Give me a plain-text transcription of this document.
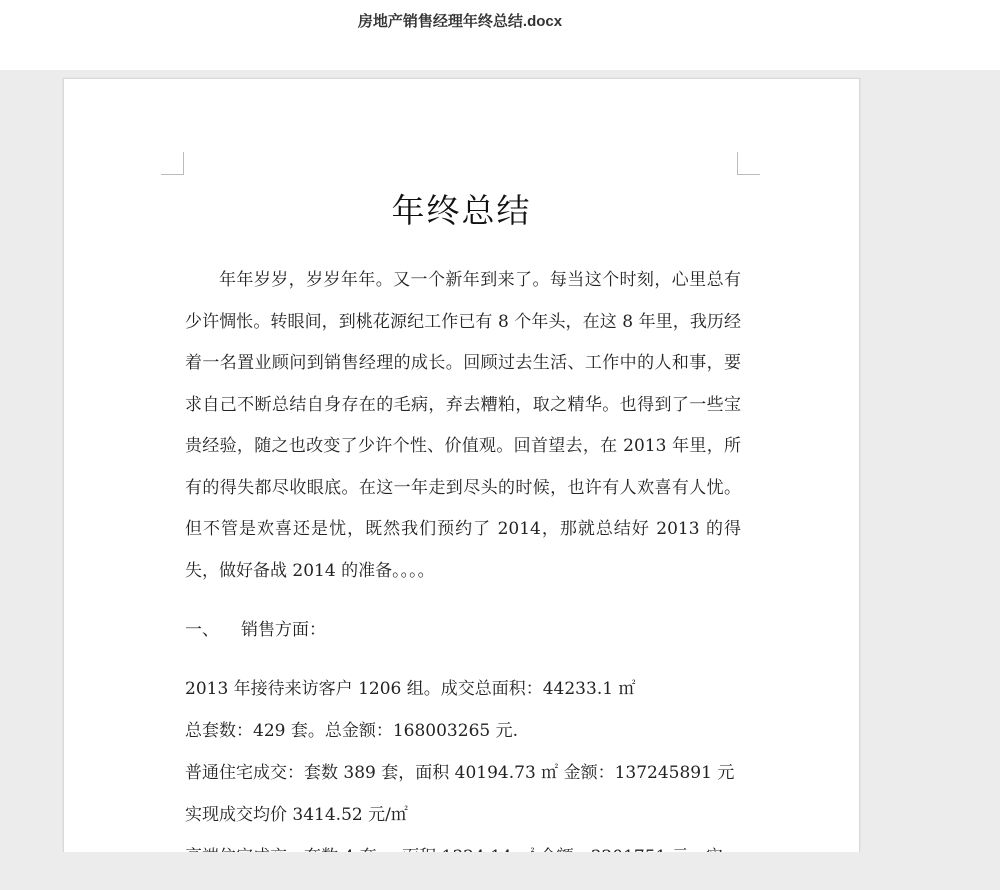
房地产销售经理年终总结.docx
年终总结

年年岁岁，岁岁年年。又一个新年到来了。每当这个时刻，心里总有少许惆怅。转眼间，到桃花源纪工作已有 8 个年头，在这 8 年里，我历经着一名置业顾问到销售经理的成长。回顾过去生活、工作中的人和事，要求自己不断总结自身存在的毛病，弃去糟粕，取之精华。也得到了一些宝贵经验，随之也改变了少许个性、价值观。回首望去，在 2013 年里，所有的得失都尽收眼底。在这一年走到尽头的时候，也许有人欢喜有人忧。但不管是欢喜还是忧，既然我们预约了 2014，那就总结好 2013 的得失，做好备战 2014 的准备。。。。

一、 销售方面：
2013 年接待来访客户 1206 组。成交总面积：44233.1 ㎡
总套数：429 套。总金额：168003265 元.
普通住宅成交：套数 389 套，面积 40194.73 ㎡ 金额：137245891 元
实现成交均价 3414.52 元/㎡
